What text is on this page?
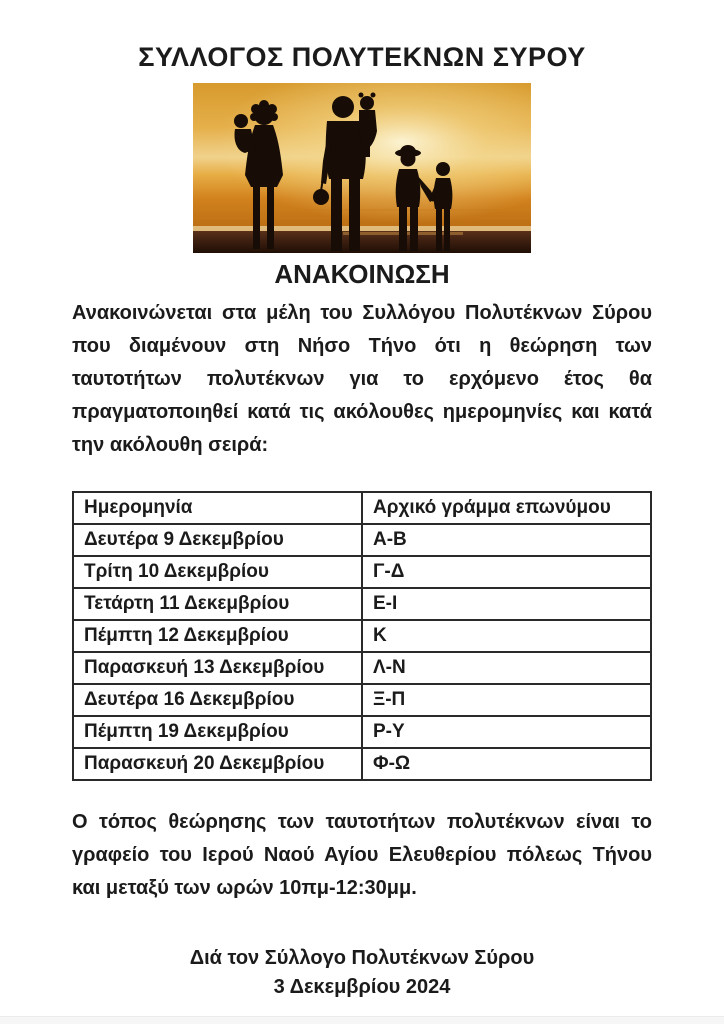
ΣΥΛΛΟΓΟΣ ΠΟΛΥΤΕΚΝΩΝ ΣΥΡΟΥ
ΑΝΑΚΟΙΝΩΣΗ

Ανακοινώνεται στα μέλη του Συλλόγου Πολυτέκνων Σύρου που διαμένουν στη Νήσο Τήνο ότι η θεώρηση των ταυτοτήτων πολυτέκνων για το ερχόμενο έτος θα πραγματοποιηθεί κατά τις ακόλουθες ημερομηνίες και κατά την ακόλουθη σειρά:

Ημερομηνία	Αρχικό γράμμα επωνύμου
Δευτέρα 9 Δεκεμβρίου	Α-Β
Τρίτη 10 Δεκεμβρίου	Γ-Δ
Τετάρτη 11 Δεκεμβρίου	Ε-Ι
Πέμπτη 12 Δεκεμβρίου	Κ
Παρασκευή 13 Δεκεμβρίου	Λ-Ν
Δευτέρα 16 Δεκεμβρίου	Ξ-Π
Πέμπτη 19 Δεκεμβρίου	Ρ-Υ
Παρασκευή 20 Δεκεμβρίου	Φ-Ω

Ο τόπος θεώρησης των ταυτοτήτων πολυτέκνων είναι το γραφείο του Ιερού Ναού Αγίου Ελευθερίου πόλεως Τήνου και μεταξύ των ωρών 10πμ-12:30μμ.

Διά τον Σύλλογο Πολυτέκνων Σύρου

3 Δεκεμβρίου 2024
